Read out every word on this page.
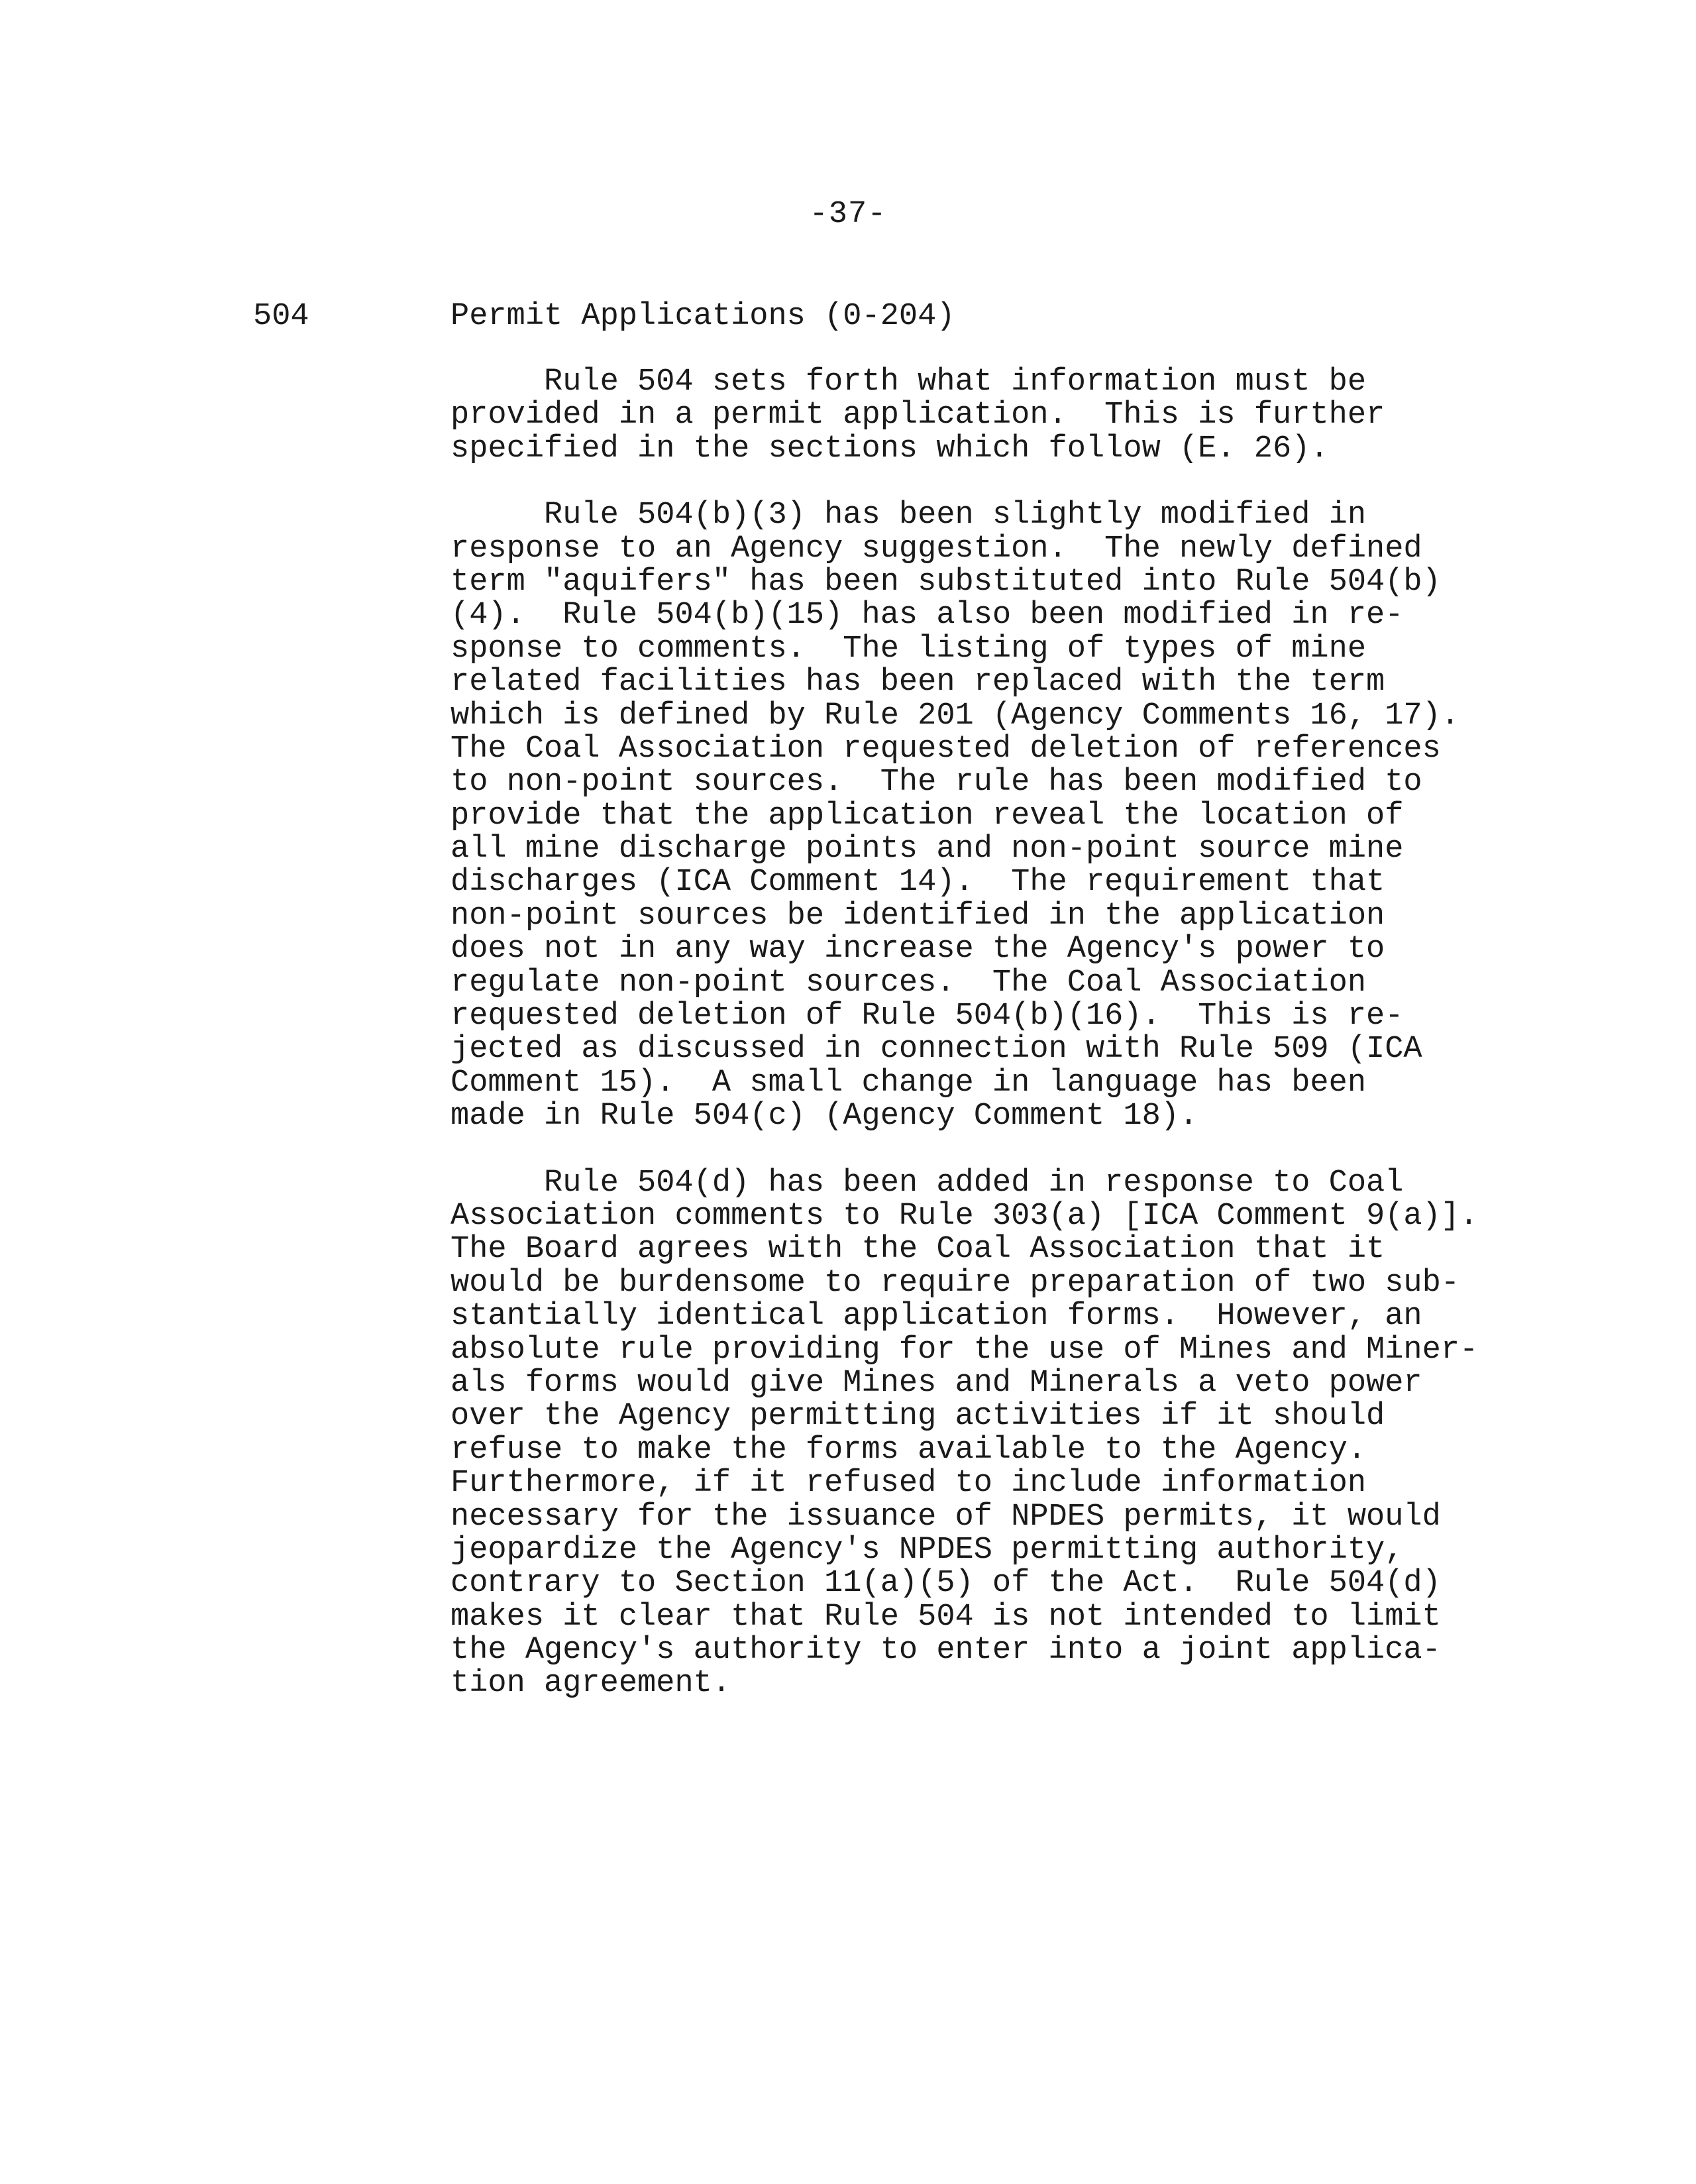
-37-
504	Permit Applications (0-204)
Rule 504 sets forth what information must be
provided in a permit application.  This is further
specified in the sections which follow (E. 26).
Rule 504(b)(3) has been slightly modified in
response to an Agency suggestion.  The newly defined
term "aquifers" has been substituted into Rule 504(b)
(4).  Rule 504(b)(15) has also been modified in re-
sponse to comments.  The listing of types of mine
related facilities has been replaced with the term
which is defined by Rule 201 (Agency Comments 16, 17).
The Coal Association requested deletion of references
to non-point sources.  The rule has been modified to
provide that the application reveal the location of
all mine discharge points and non-point source mine
discharges (ICA Comment 14).  The requirement that
non-point sources be identified in the application
does not in any way increase the Agency's power to
regulate non-point sources.  The Coal Association
requested deletion of Rule 504(b)(16).  This is re-
jected as discussed in connection with Rule 509 (ICA
Comment 15).  A small change in language has been
made in Rule 504(c) (Agency Comment 18).
Rule 504(d) has been added in response to Coal
Association comments to Rule 303(a) [ICA Comment 9(a)].
The Board agrees with the Coal Association that it
would be burdensome to require preparation of two sub-
stantially identical application forms.  However, an
absolute rule providing for the use of Mines and Miner-
als forms would give Mines and Minerals a veto power
over the Agency permitting activities if it should
refuse to make the forms available to the Agency.
Furthermore, if it refused to include information
necessary for the issuance of NPDES permits, it would
jeopardize the Agency's NPDES permitting authority,
contrary to Section 11(a)(5) of the Act.  Rule 504(d)
makes it clear that Rule 504 is not intended to limit
the Agency's authority to enter into a joint applica-
tion agreement.
